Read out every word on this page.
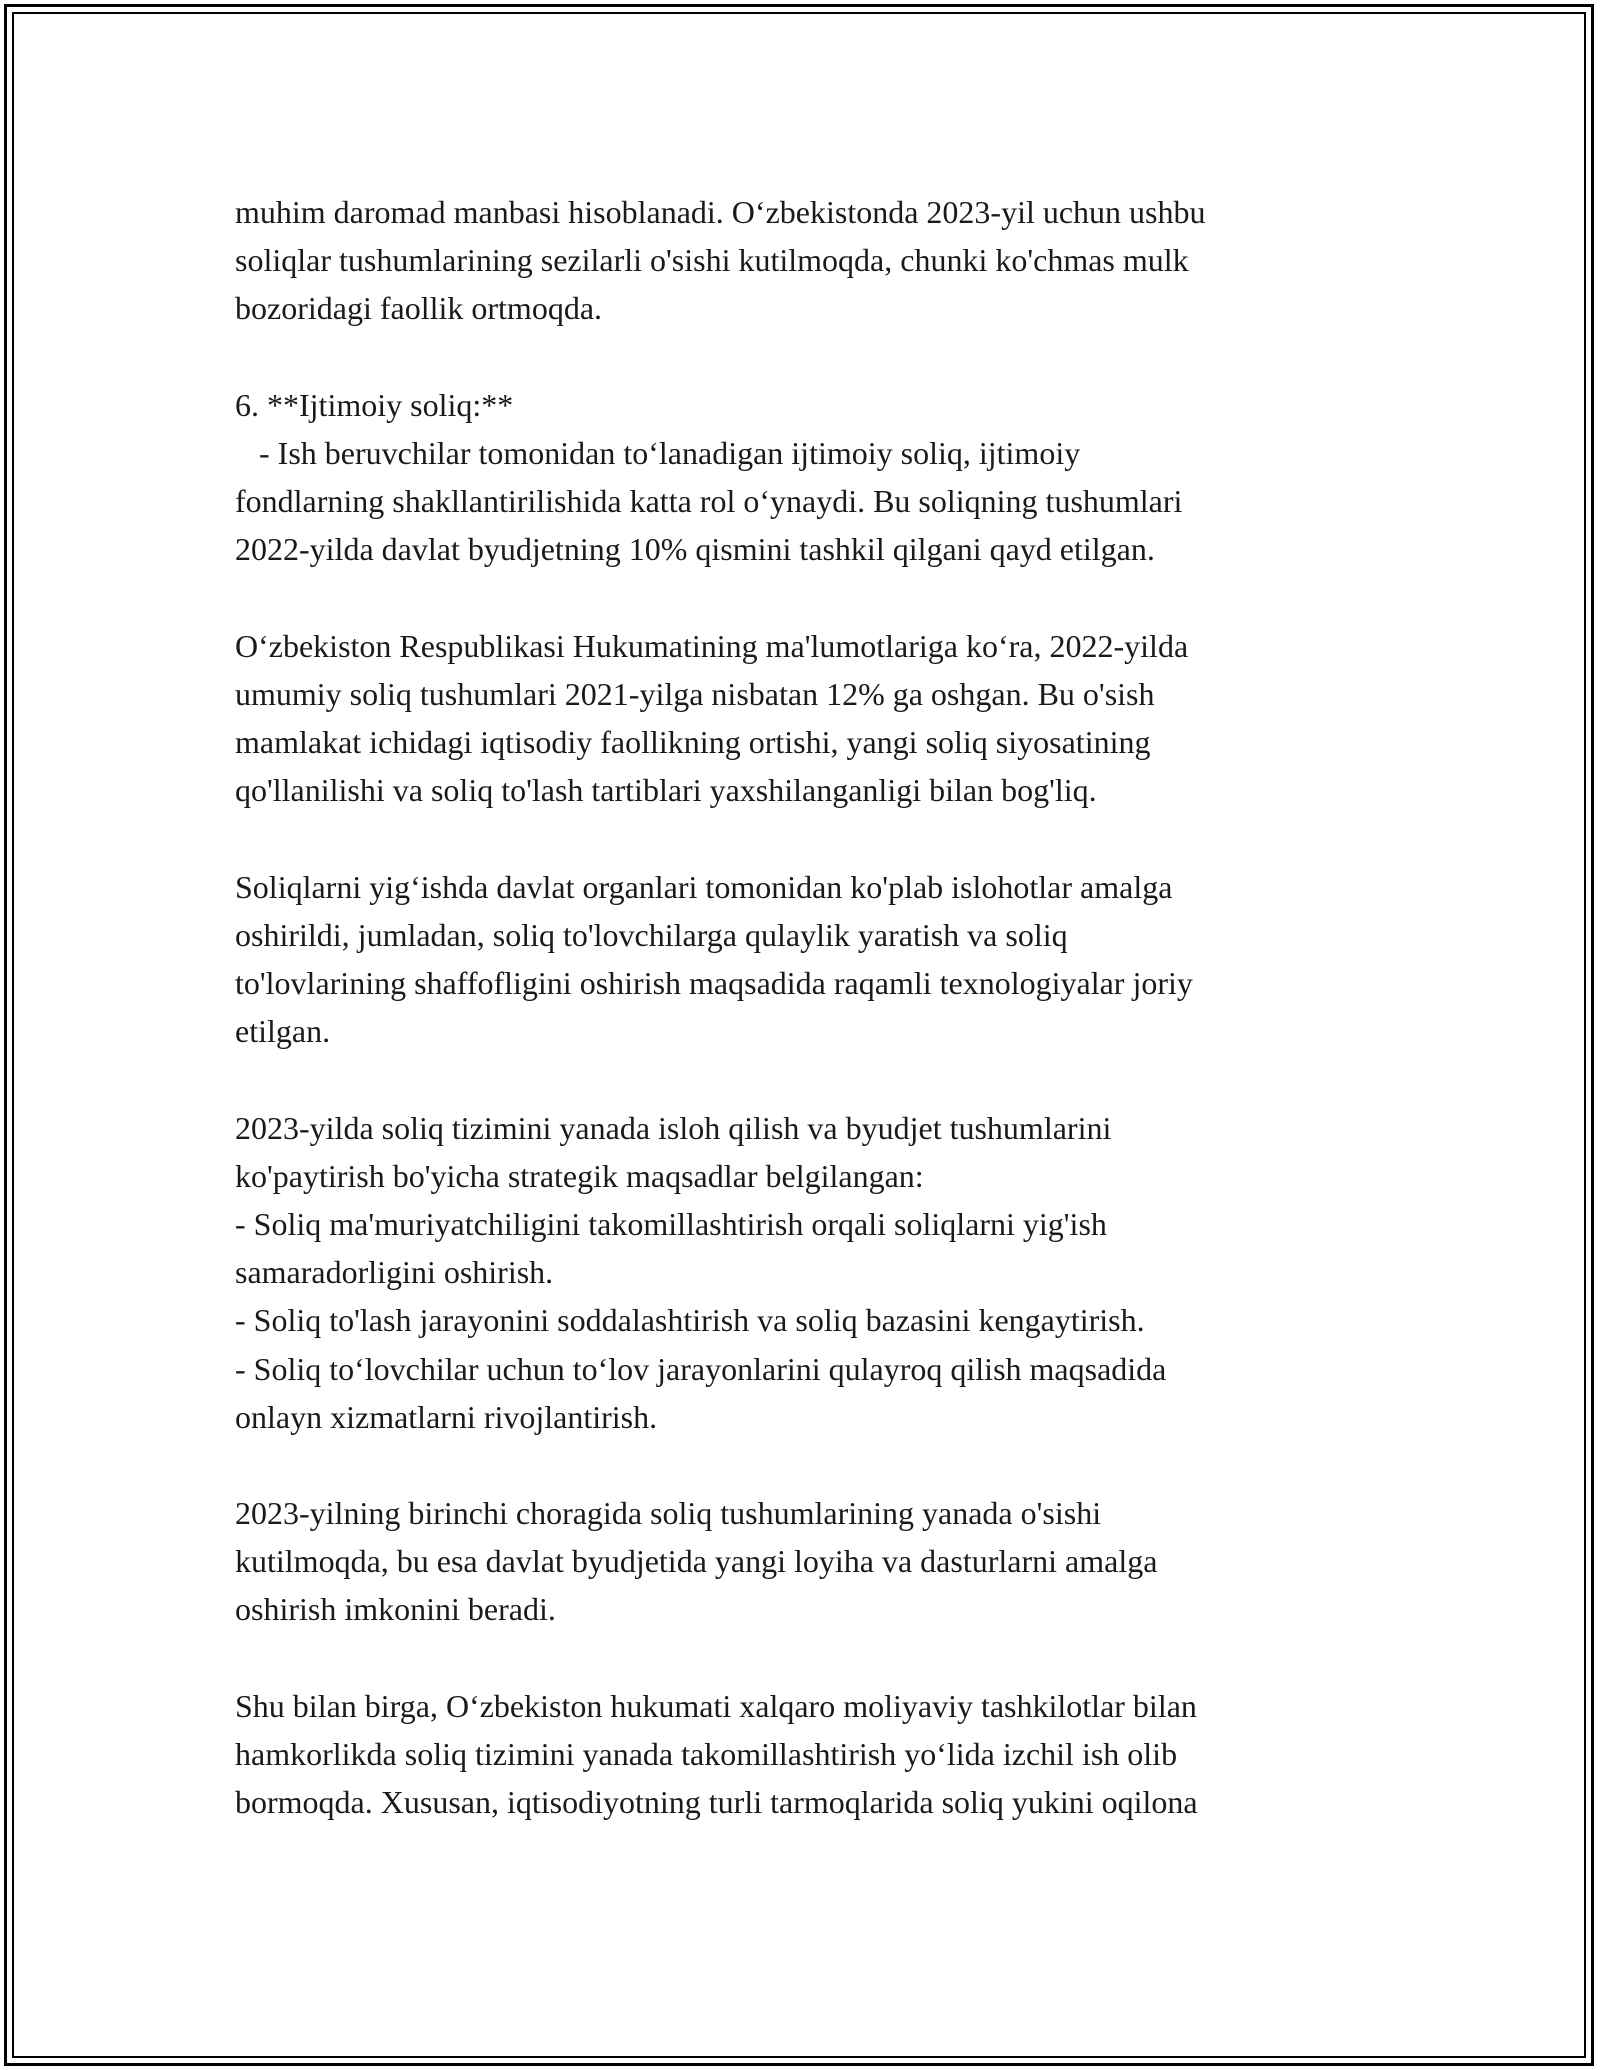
muhim daromad manbasi hisoblanadi. O‘zbekistonda 2023-yil uchun ushbu
soliqlar tushumlarining sezilarli o'sishi kutilmoqda, chunki ko'chmas mulk
bozoridagi faollik ortmoqda.
6. **Ijtimoiy soliq:**
- Ish beruvchilar tomonidan to‘lanadigan ijtimoiy soliq, ijtimoiy
fondlarning shakllantirilishida katta rol o‘ynaydi. Bu soliqning tushumlari
2022-yilda davlat byudjetning 10% qismini tashkil qilgani qayd etilgan.
O‘zbekiston Respublikasi Hukumatining ma'lumotlariga ko‘ra, 2022-yilda
umumiy soliq tushumlari 2021-yilga nisbatan 12% ga oshgan. Bu o'sish
mamlakat ichidagi iqtisodiy faollikning ortishi, yangi soliq siyosatining
qo'llanilishi va soliq to'lash tartiblari yaxshilanganligi bilan bog'liq.
Soliqlarni yig‘ishda davlat organlari tomonidan ko'plab islohotlar amalga
oshirildi, jumladan, soliq to'lovchilarga qulaylik yaratish va soliq
to'lovlarining shaffofligini oshirish maqsadida raqamli texnologiyalar joriy
etilgan.
2023-yilda soliq tizimini yanada isloh qilish va byudjet tushumlarini
ko'paytirish bo'yicha strategik maqsadlar belgilangan:
- Soliq ma'muriyatchiligini takomillashtirish orqali soliqlarni yig'ish
samaradorligini oshirish.
- Soliq to'lash jarayonini soddalashtirish va soliq bazasini kengaytirish.
- Soliq to‘lovchilar uchun to‘lov jarayonlarini qulayroq qilish maqsadida
onlayn xizmatlarni rivojlantirish.
2023-yilning birinchi choragida soliq tushumlarining yanada o'sishi
kutilmoqda, bu esa davlat byudjetida yangi loyiha va dasturlarni amalga
oshirish imkonini beradi.
Shu bilan birga, O‘zbekiston hukumati xalqaro moliyaviy tashkilotlar bilan
hamkorlikda soliq tizimini yanada takomillashtirish yo‘lida izchil ish olib
bormoqda. Xususan, iqtisodiyotning turli tarmoqlarida soliq yukini oqilona
